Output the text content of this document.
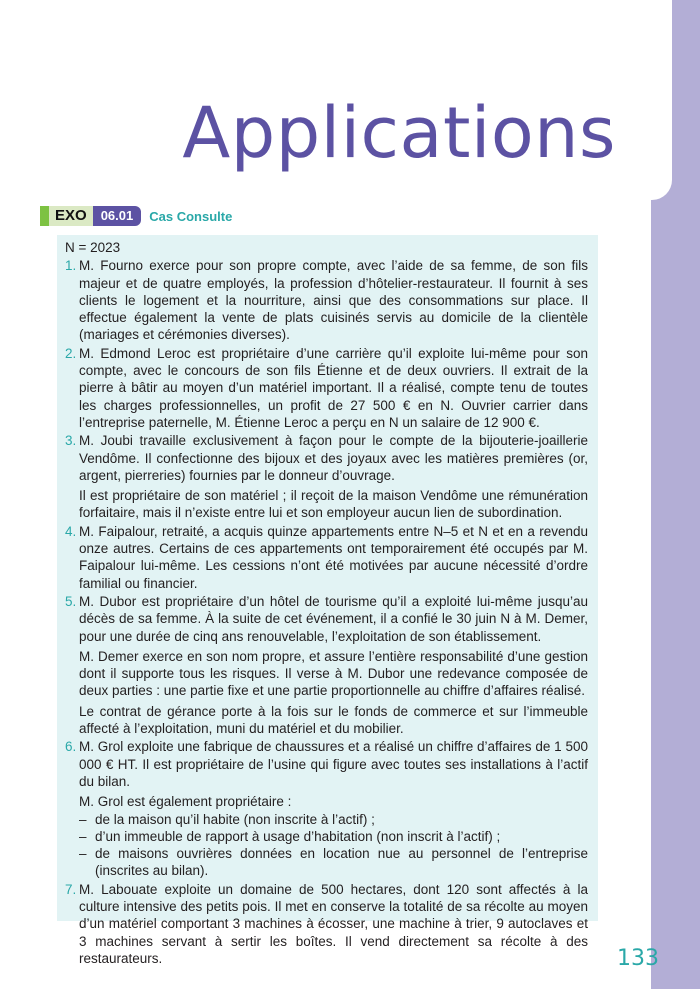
Applications
EXO	06.01	Cas Consulte
N = 2023
1. M. Fourno exerce pour son propre compte, avec l’aide de sa femme, de son fils majeur et de quatre employés, la profession d’hôtelier-restaurateur. Il fournit à ses clients le logement et la nourriture, ainsi que des consommations sur place. Il effectue également la vente de plats cuisinés servis au domicile de la clientèle (mariages et cérémonies diverses).

2. M. Edmond Leroc est propriétaire d’une carrière qu’il exploite lui-même pour son compte, avec le concours de son fils Étienne et de deux ouvriers. Il extrait de la pierre à bâtir au moyen d’un matériel important. Il a réalisé, compte tenu de toutes les charges professionnelles, un profit de 27 500 € en N. Ouvrier carrier dans l’entreprise paternelle, M. Étienne Leroc a perçu en N un salaire de 12 900 €.

3. M. Joubi travaille exclusivement à façon pour le compte de la bijouterie-joaillerie Vendôme. Il confectionne des bijoux et des joyaux avec les matières premières (or, argent, pierreries) fournies par le donneur d’ouvrage.

Il est propriétaire de son matériel ; il reçoit de la maison Vendôme une rémunération forfaitaire, mais il n’existe entre lui et son employeur aucun lien de subordination.

4. M. Faipalour, retraité, a acquis quinze appartements entre N–5 et N et en a revendu onze autres. Certains de ces appartements ont temporairement été occupés par M. Faipalour lui-même. Les cessions n’ont été motivées par aucune nécessité d’ordre familial ou financier.

5. M. Dubor est propriétaire d’un hôtel de tourisme qu’il a exploité lui-même jusqu’au décès de sa femme. À la suite de cet événement, il a confié le 30 juin N à M. Demer, pour une durée de cinq ans renouvelable, l’exploitation de son établissement.

M. Demer exerce en son nom propre, et assure l’entière responsabilité d’une gestion dont il supporte tous les risques. Il verse à M. Dubor une redevance composée de deux parties : une partie fixe et une partie proportionnelle au chiffre d’affaires réalisé.

Le contrat de gérance porte à la fois sur le fonds de commerce et sur l’immeuble affecté à l’exploitation, muni du matériel et du mobilier.

6. M. Grol exploite une fabrique de chaussures et a réalisé un chiffre d’affaires de 1 500 000 € HT. Il est propriétaire de l’usine qui figure avec toutes ses installations à l’actif du bilan.

M. Grol est également propriétaire :

– de la maison qu’il habite (non inscrite à l’actif) ;
– d’un immeuble de rapport à usage d’habitation (non inscrit à l’actif) ;
– de maisons ouvrières données en location nue au personnel de l’entreprise (inscrites au bilan).
7. M. Labouate exploite un domaine de 500 hectares, dont 120 sont affectés à la culture intensive des petits pois. Il met en conserve la totalité de sa récolte au moyen d’un matériel comportant 3 machines à écosser, une machine à trier, 9 autoclaves et 3 machines servant à sertir les boîtes. Il vend directement sa récolte à des restaurateurs.	133
